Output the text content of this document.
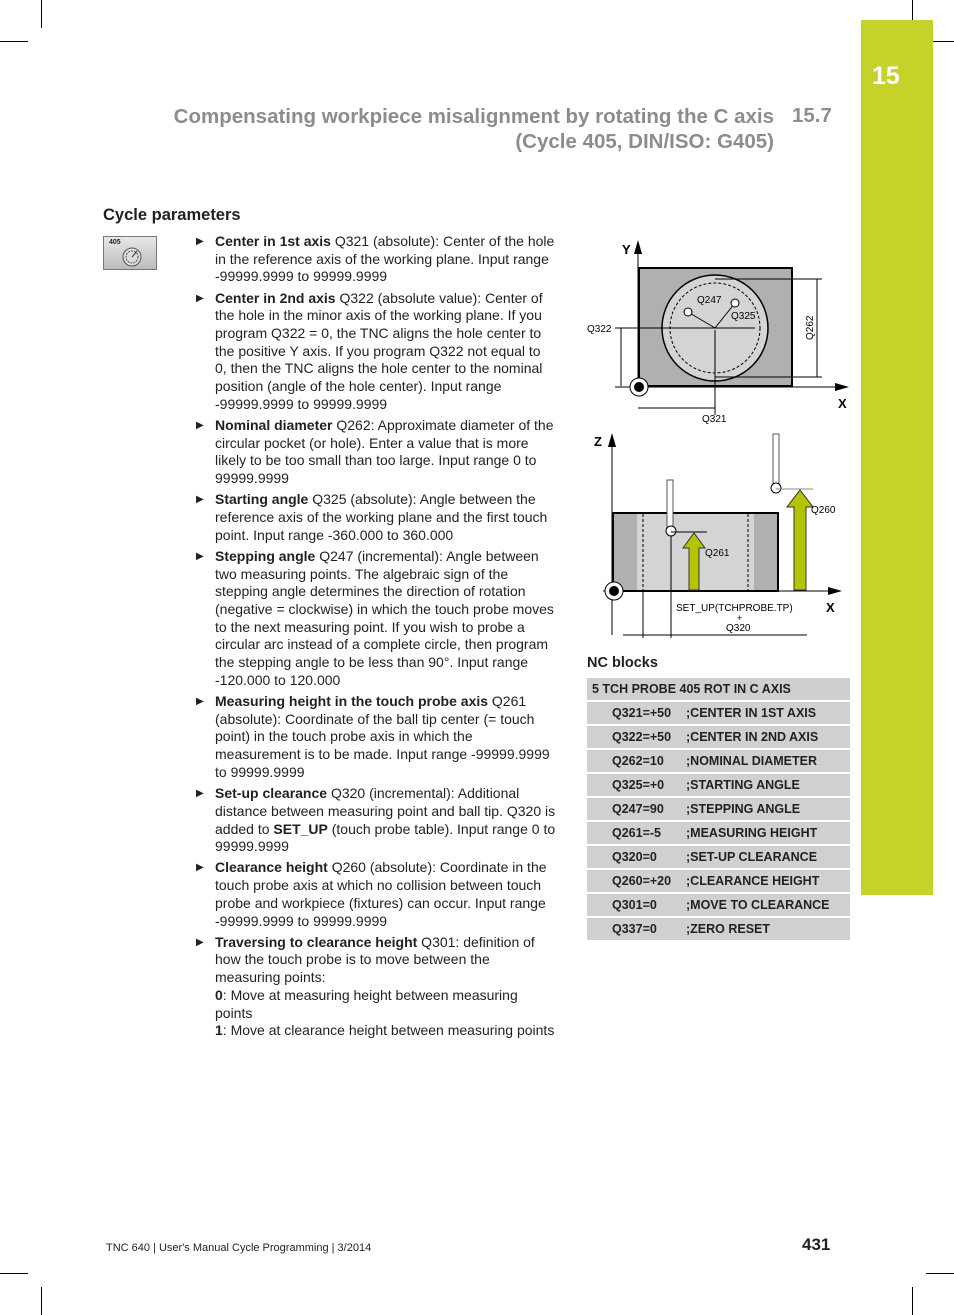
15
Compensating workpiece misalignment by rotating the C axis
(Cycle 405, DIN/ISO: G405)
15.7
Cycle parameters
405	▶ Center in 1st axis Q321 (absolute): Center of the hole in the reference axis of the working plane. Input range -99999.9999 to 99999.9999
▶ Center in 2nd axis Q322 (absolute value): Center of the hole in the minor axis of the working plane. If you program Q322 = 0, the TNC aligns the hole center to the positive Y axis. If you program Q322 not equal to 0, then the TNC aligns the hole center to the nominal position (angle of the hole center). Input range -99999.9999 to 99999.9999
▶ Nominal diameter Q262: Approximate diameter of the circular pocket (or hole). Enter a value that is more likely to be too small than too large. Input range 0 to 99999.9999
▶ Starting angle Q325 (absolute): Angle between the reference axis of the working plane and the first touch point. Input range -360.000 to 360.000
▶ Stepping angle Q247 (incremental): Angle between two measuring points. The algebraic sign of the stepping angle determines the direction of rotation (negative = clockwise) in which the touch probe moves to the next measuring point. If you wish to probe a circular arc instead of a complete circle, then program the stepping angle to be less than 90°. Input range -120.000 to 120.000
▶ Measuring height in the touch probe axis Q261 (absolute): Coordinate of the ball tip center (= touch point) in the touch probe axis in which the measurement is to be made. Input range -99999.9999 to 99999.9999
▶ Set-up clearance Q320 (incremental): Additional distance between measuring point and ball tip. Q320 is added to SET_UP (touch probe table). Input range 0 to 99999.9999
▶ Clearance height Q260 (absolute): Coordinate in the touch probe axis at which no collision between touch probe and workpiece (fixtures) can occur. Input range -99999.9999 to 99999.9999
▶ Traversing to clearance height Q301: definition of how the touch probe is to move between the measuring points:
0: Move at measuring height between measuring points
1: Move at clearance height between measuring points
Y
X
Q322
Q247
Q325	Q262
Q321
Z
X
Q261
Q260
SET_UP(TCHPROBE.TP)
+
Q320
NC blocks
5 TCH PROBE 405 ROT IN C AXIS
Q321=+50	;CENTER IN 1ST AXIS
Q322=+50	;CENTER IN 2ND AXIS
Q262=10	;NOMINAL DIAMETER
Q325=+0	;STARTING ANGLE
Q247=90	;STEPPING ANGLE
Q261=-5	;MEASURING HEIGHT
Q320=0	;SET-UP CLEARANCE
Q260=+20	;CLEARANCE HEIGHT
Q301=0	;MOVE TO CLEARANCE
Q337=0	;ZERO RESET
TNC 640 | User's Manual Cycle Programming | 3/2014	431
